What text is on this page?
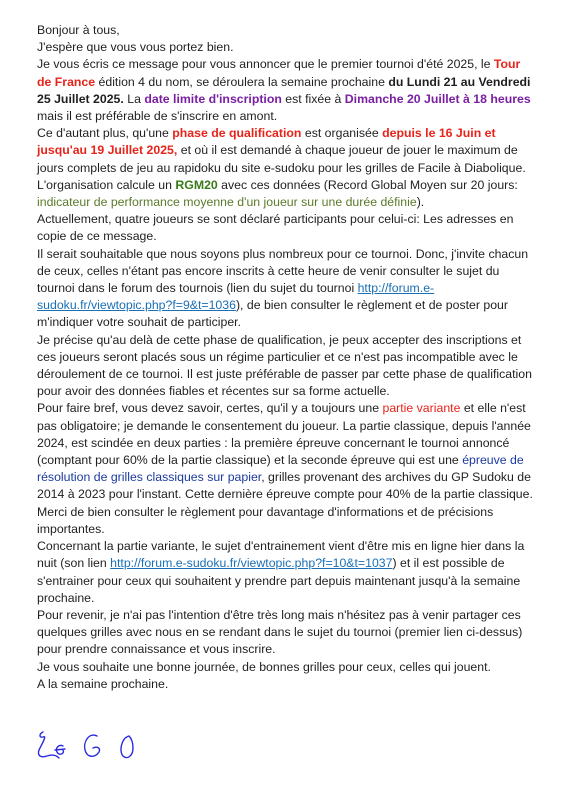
Bonjour à tous,

J'espère que vous vous portez bien.

Je vous écris ce message pour vous annoncer que le premier tournoi d'été 2025, le Tour de France édition 4 du nom, se déroulera la semaine prochaine du Lundi 21 au Vendredi 25 Juillet 2025. La date limite d'inscription est fixée à Dimanche 20 Juillet à 18 heures mais il est préférable de s'inscrire en amont.

Ce d'autant plus, qu'une phase de qualification est organisée depuis le 16 Juin et jusqu'au 19 Juillet 2025, et où il est demandé à chaque joueur de jouer le maximum de jours complets de jeu au rapidoku du site e-sudoku pour les grilles de Facile à Diabolique. L'organisation calcule un RGM20 avec ces données (Record Global Moyen sur 20 jours: indicateur de performance moyenne d'un joueur sur une durée définie).

Actuellement, quatre joueurs se sont déclaré participants pour celui-ci: Les adresses en copie de ce message.

Il serait souhaitable que nous soyons plus nombreux pour ce tournoi. Donc, j'invite chacun de ceux, celles n'étant pas encore inscrits à cette heure de venir consulter le sujet du tournoi dans le forum des tournois (lien du sujet du tournoi http://forum.e-sudoku.fr/viewtopic.php?f=9&t=1036), de bien consulter le règlement et de poster pour m'indiquer votre souhait de participer.

Je précise qu'au delà de cette phase de qualification, je peux accepter des inscriptions et ces joueurs seront placés sous un régime particulier et ce n'est pas incompatible avec le déroulement de ce tournoi. Il est juste préférable de passer par cette phase de qualification pour avoir des données fiables et récentes sur sa forme actuelle.

Pour faire bref, vous devez savoir, certes, qu'il y a toujours une partie variante et elle n'est pas obligatoire; je demande le consentement du joueur. La partie classique, depuis l'année 2024, est scindée en deux parties : la première épreuve concernant le tournoi annoncé (comptant pour 60% de la partie classique) et la seconde épreuve qui est une épreuve de résolution de grilles classiques sur papier, grilles provenant des archives du GP Sudoku de 2014 à 2023 pour l'instant. Cette dernière épreuve compte pour 40% de la partie classique. Merci de bien consulter le règlement pour davantage d'informations et de précisions importantes.

Concernant la partie variante, le sujet d'entrainement vient d'être mis en ligne hier dans la nuit (son lien http://forum.e-sudoku.fr/viewtopic.php?f=10&t=1037) et il est possible de s'entrainer pour ceux qui souhaitent y prendre part depuis maintenant jusqu'à la semaine prochaine.

Pour revenir, je n'ai pas l'intention d'être très long mais n'hésitez pas à venir partager ces quelques grilles avec nous en se rendant dans le sujet du tournoi (premier lien ci-dessus) pour prendre connaissance et vous inscrire.

Je vous souhaite une bonne journée, de bonnes grilles pour ceux, celles qui jouent.

A la semaine prochaine.
